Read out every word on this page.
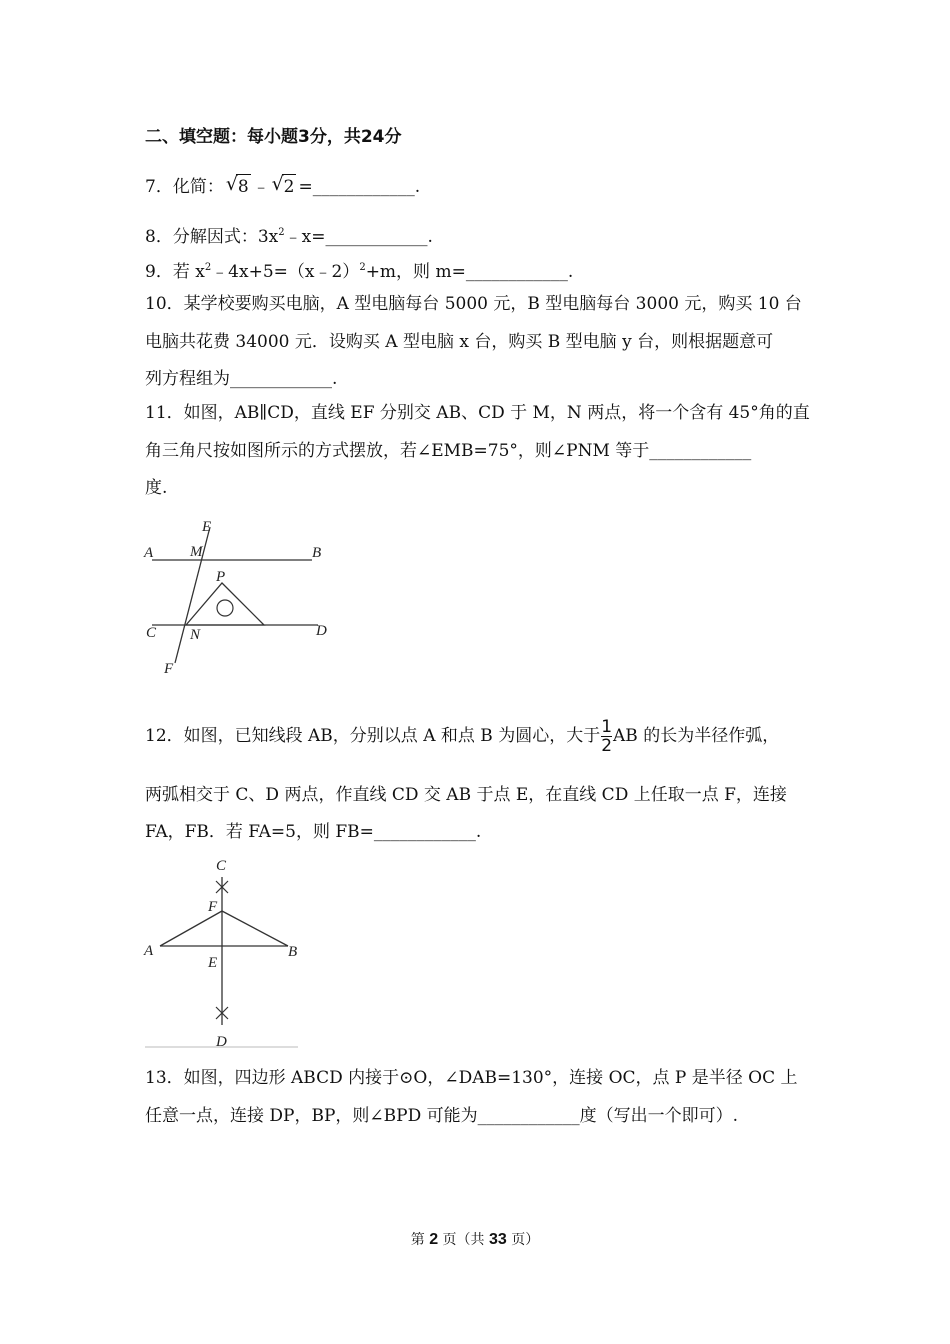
二、填空题：每小题3分，共24分
7．化简： √ 8 ﹣ √ 2 =____________.
8．分解因式：$3x^2﹣x=\_\_\_\_\_\_\_\_\_\_\_\_$.
9．若 $x^2﹣4x+5=(x﹣2)^2+m$，则 m=____________.
10．某学校要购买电脑，A 型电脑每台 5000 元，B 型电脑每台 3000 元，购买 10 台
电脑共花费 34000 元．设购买 A 型电脑 x 台，购买 B 型电脑 y 台，则根据题意可
列方程组为____________.
11．如图，AB∥CD，直线 EF 分别交 AB、CD 于 M，N 两点，将一个含有 45°角的直
角三角尺按如图所示的方式摆放，若∠EMB=75°，则∠PNM 等于____________
度.
A	B
E
M
P
C N	D
F
12．如图，已知线段 AB，分别以点 A 和点 B 为圆心，大于 $\frac{1}{2}$ AB 的长为半径作弧，
两弧相交于 C、D 两点，作直线 CD 交 AB 于点 E，在直线 CD 上任取一点 F，连接
FA，FB．若 FA=5，则 FB=____________.
C
F
A
E
B
D
13．如图，四边形 ABCD 内接于⊙O，∠DAB=130°，连接 OC，点 P 是半径 OC 上
任意一点，连接 DP，BP，则∠BPD 可能为____________度（写出一个即可）.
第 2 页（共 33 页）
